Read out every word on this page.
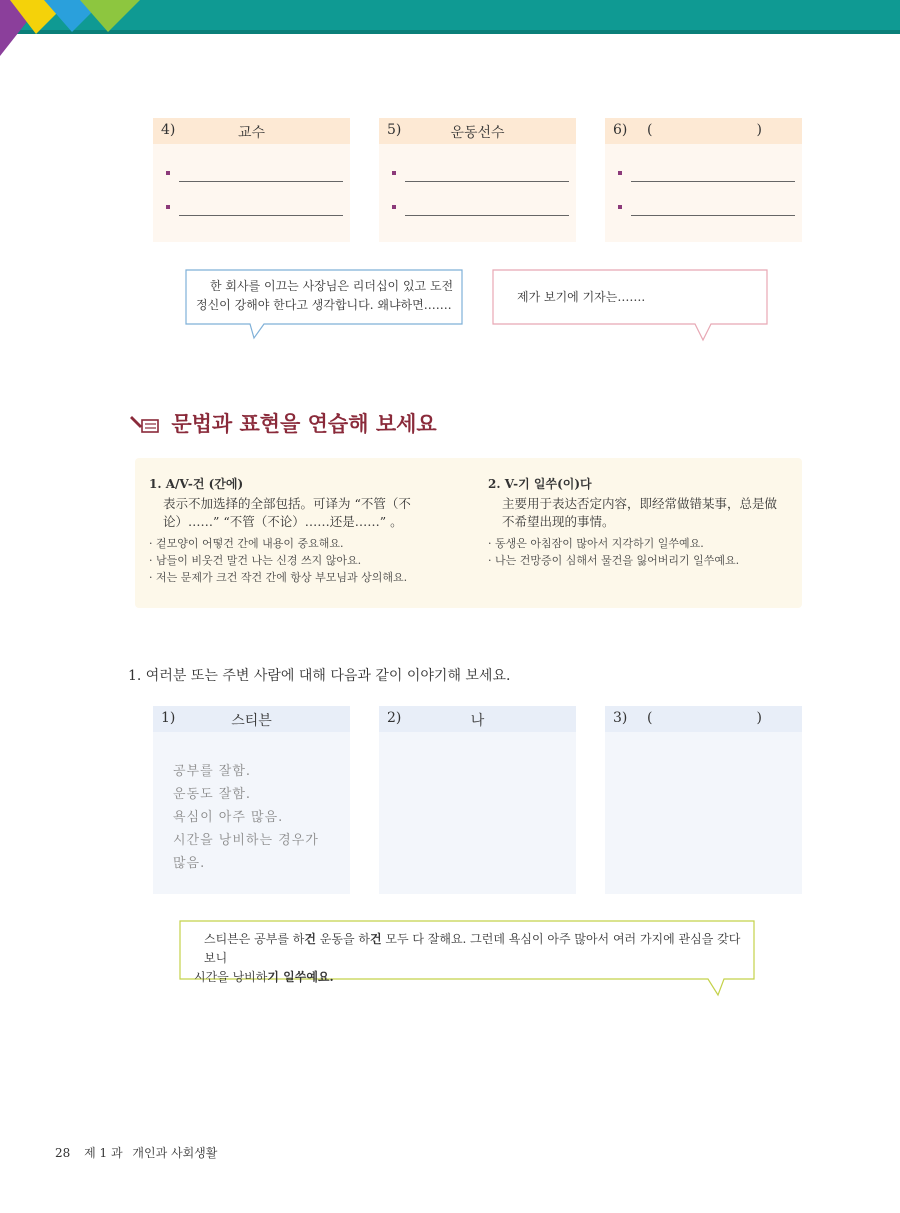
4)	교수	5)	운동선수	6) (	)
한 회사를 이끄는 사장님은 리더십이 있고 도전
정신이 강해야 한다고 생각합니다. 왜냐하면…….
제가 보기에 기자는…….
문법과 표현을 연습해 보세요
1. A/V-건 (간에)
表示不加选择的全部包括。可译为 “不管（不
论）……” “不管（不论）……还是……” 。
· 겉모양이 어떻건 간에 내용이 중요해요.
· 남들이 비웃건 말건 나는 신경 쓰지 않아요.
· 저는 문제가 크건 작건 간에 항상 부모님과 상의해요.
2. V-기 일쑤(이)다
主要用于表达否定内容，即经常做错某事，总是做
不希望出现的事情。
· 동생은 아침잠이 많아서 지각하기 일쑤예요.
· 나는 건망증이 심해서 물건을 잃어버리기 일쑤예요.
1. 여러분 또는 주변 사람에 대해 다음과 같이 이야기해 보세요.
1)	스티븐
공부를 잘함.
운동도 잘함.
욕심이 아주 많음.
시간을 낭비하는 경우가
많음.
2)	나	3) (	)
스티븐은 공부를 하건 운동을 하건 모두 다 잘해요. 그런데 욕심이 아주 많아서 여러 가지에 관심을 갖다 보니
시간을 낭비하기 일쑤예요.
28 제 1 과 개인과 사회생활
